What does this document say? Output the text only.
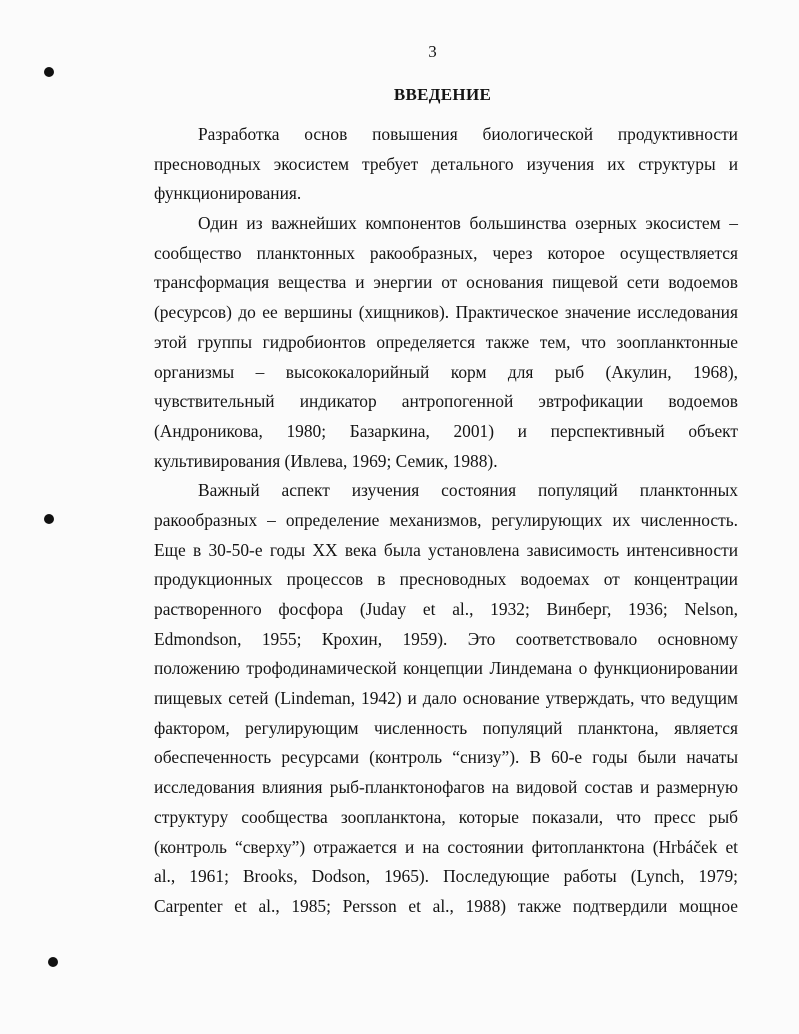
3
ВВЕДЕНИЕ
Разработка основ повышения биологической продуктивности
пресноводных экосистем требует детального изучения их структуры и
функционирования.
Один из важнейших компонентов большинства озерных экосистем –
сообщество планктонных ракообразных, через которое осуществляется
трансформация вещества и энергии от основания пищевой сети водоемов
(ресурсов) до ее вершины (хищников). Практическое значение исследования
этой группы гидробионтов определяется также тем, что зоопланктонные
организмы – высококалорийный корм для рыб (Акулин, 1968),
чувствительный индикатор антропогенной эвтрофикации водоемов
(Андроникова, 1980; Базаркина, 2001) и перспективный объект
культивирования (Ивлева, 1969; Семик, 1988).
Важный аспект изучения состояния популяций планктонных
ракообразных – определение механизмов, регулирующих их численность.
Еще в 30-50-е годы XX века была установлена зависимость интенсивности
продукционных процессов в пресноводных водоемах от концентрации
растворенного фосфора (Juday et al., 1932; Винберг, 1936; Nelson,
Edmondson, 1955; Крохин, 1959). Это соответствовало основному
положению трофодинамической концепции Линдемана о функционировании
пищевых сетей (Lindeman, 1942) и дало основание утверждать, что ведущим
фактором, регулирующим численность популяций планктона, является
обеспеченность ресурсами (контроль “снизу”). В 60-е годы были начаты
исследования влияния рыб-планктонофагов на видовой состав и размерную
структуру сообщества зоопланктона, которые показали, что пресс рыб
(контроль “сверху”) отражается и на состоянии фитопланктона (Hrbáček et
al., 1961; Brooks, Dodson, 1965). Последующие работы (Lynch, 1979;
Carpenter et al., 1985; Persson et al., 1988) также подтвердили мощное
